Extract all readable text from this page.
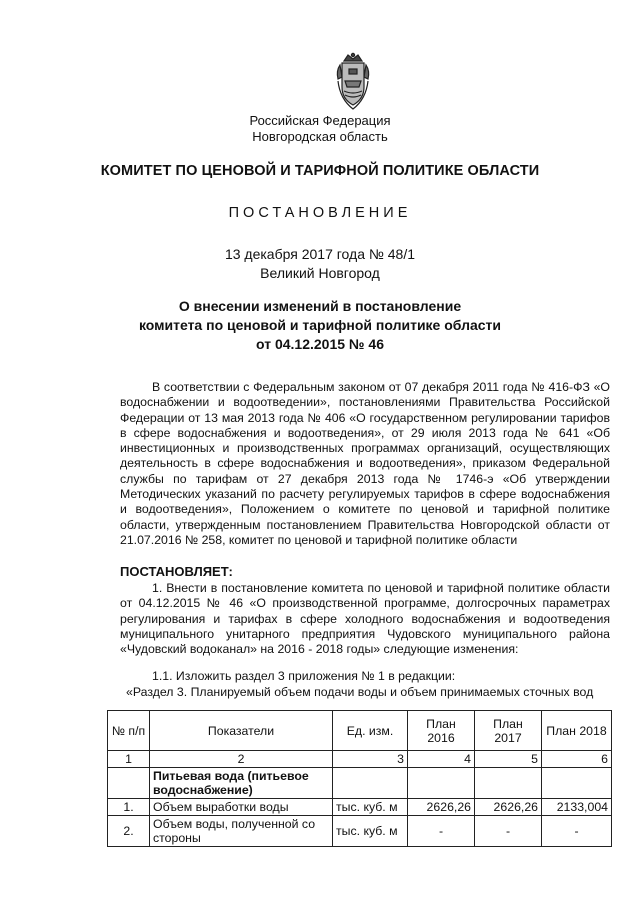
Российская Федерация
Новгородская область
КОМИТЕТ ПО ЦЕНОВОЙ И ТАРИФНОЙ ПОЛИТИКЕ ОБЛАСТИ
ПОСТАНОВЛЕНИЕ
13 декабря 2017 года № 48/1
Великий Новгород
О внесении изменений в постановление
комитета по ценовой и тарифной политике области
от 04.12.2015 № 46

В соответствии с Федеральным законом от 07 декабря 2011 года № 416-ФЗ «О водоснабжении и водоотведении», постановлениями Правительства Российской Федерации от 13 мая 2013 года № 406 «О государственном регулировании тарифов в сфере водоснабжения и водоотведения», от 29 июля 2013 года № 641 «Об инвестиционных и производственных программах организаций, осуществляющих деятельность в сфере водоснабжения и водоотведения», приказом Федеральной службы по тарифам от 27 декабря 2013 года № 1746-э «Об утверждении Методических указаний по расчету регулируемых тарифов в сфере водоснабжения и водоотведения», Положением о комитете по ценовой и тарифной политике области, утвержденным постановлением Правительства Новгородской области от 21.07.2016 № 258, комитет по ценовой и тарифной политике области

ПОСТАНОВЛЯЕТ:

1. Внести в постановление комитета по ценовой и тарифной политике области от 04.12.2015 № 46 «О производственной программе, долгосрочных параметрах регулирования и тарифах в сфере холодного водоснабжения и водоотведения муниципального унитарного предприятия Чудовского муниципального района «Чудовский водоканал» на 2016 - 2018 годы» следующие изменения:

1.1. Изложить раздел 3 приложения № 1 в редакции:
«Раздел 3. Планируемый объем подачи воды и объем принимаемых сточных вод
№ п/п	Показатели	Ед. изм.	План 2016	План 2017	План 2018
1	2	3	4	5	6
	Питьевая вода (питьевое водоснабжение)				
1.	Объем выработки воды	тыс. куб. м	2626,26	2626,26	2133,004
2.	Объем воды, полученной со стороны	тыс. куб. м	-	-	-
